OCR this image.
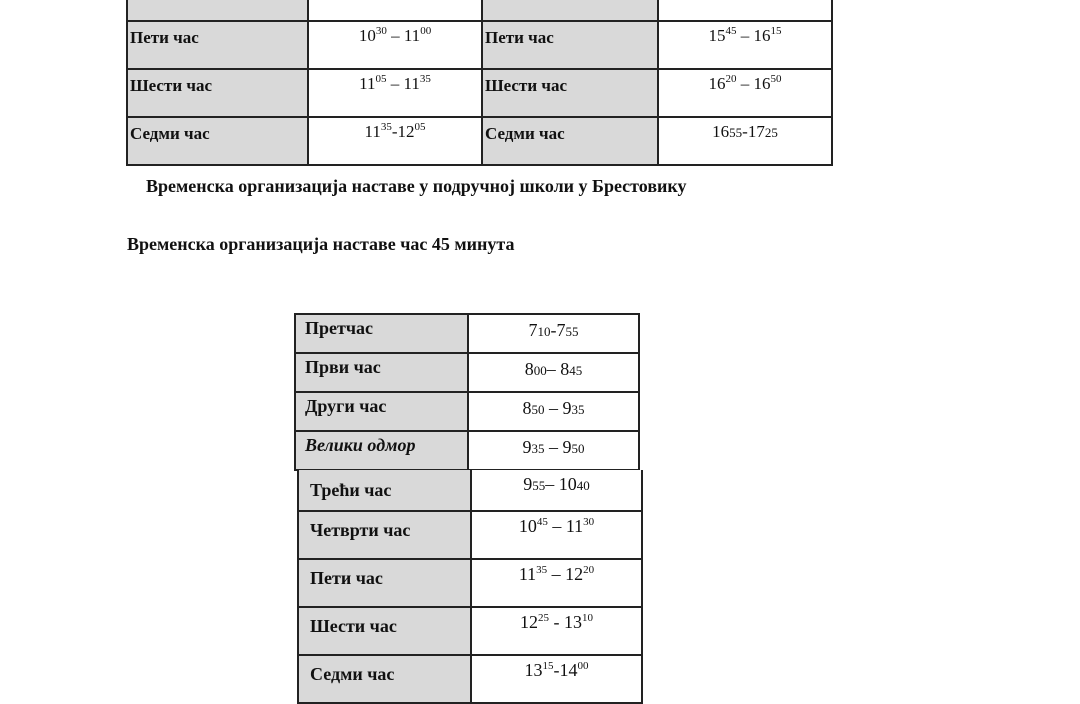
Пети час	$10^{30} - 11^{00}$	Пети час	$15^{45} - 16^{15}$
Шести час	$11^{05} - 11^{35}$	Шести час	$16^{20} - 16^{50}$
Седми час	$11^{35}-12^{05}$	Седми час	1655-1725

Временска организација наставе у подручној школи у Брестовику

Временска организација наставе час 45 минута

Претчас	710-755
Први час	800– 845
Други час	850 – 935
Велики одмор	935 – 950
Трећи час	955– 1040
Четврти час	$10^{45} - 11^{30}$
Пети час	$11^{35} - 12^{20}$
Шести час	$12^{25} - 13^{10}$
Седми час	$13^{15}-14^{00}$
